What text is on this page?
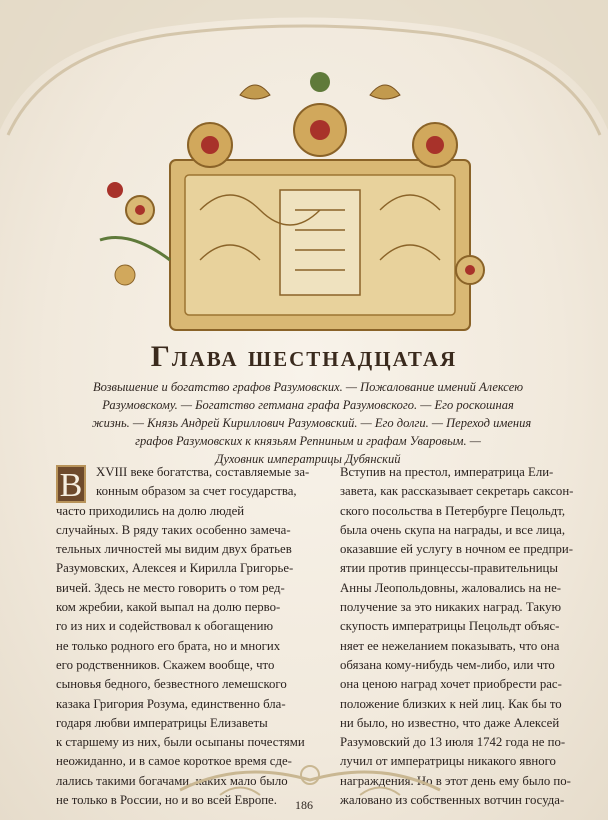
Глава шестнадцатая
Возвышение и богатство графов Разумовских. — Пожалование имений Алексею
Разумовскому. — Богатство гетмана графа Разумовского. — Его роскошная
жизнь. — Князь Андрей Кириллович Разумовский. — Его долги. — Переход имения
графов Разумовских к князьям Репниным и графам Уваровым. —
Духовник императрицы Дубянский
В	XVIII веке богатства, составляемые за-
конным образом за счет государства,
часто приходились на долю людей
случайных. В ряду таких особенно замеча-
тельных личностей мы видим двух братьев
Разумовских, Алексея и Кирилла Григорье-
вичей. Здесь не место говорить о том ред-
ком жребии, какой выпал на долю перво-
го из них и содействовал к обогащению
не только родного его брата, но и многих
его родственников. Скажем вообще, что
сыновья бедного, безвестного лемешского
казака Григория Розума, единственно бла-
годаря любви императрицы Елизаветы
к старшему из них, были осыпаны почестями
неожиданно, и в самое короткое время сде-
лались такими богачами, каких мало было
не только в России, но и во всей Европе.
Вступив на престол, императрица Ели-
завета, как рассказывает секретарь саксон-
ского посольства в Петербурге Пецольдт,
была очень скупа на награды, и все лица,
оказавшие ей услугу в ночном ее предпри-
ятии против принцессы-правительницы
Анны Леопольдовны, жаловались на не-
получение за это никаких наград. Такую
скупость императрицы Пецольдт объяс-
няет ее нежеланием показывать, что она
обязана кому-нибудь чем-либо, или что
она ценою наград хочет приобрести рас-
положение близких к ней лиц. Как бы то
ни было, но известно, что даже Алексей
Разумовский до 13 июля 1742 года не по-
лучил от императрицы никакого явного
награждения. Но в этот день ему было по-
жаловано из собственных вотчин госуда-
186
